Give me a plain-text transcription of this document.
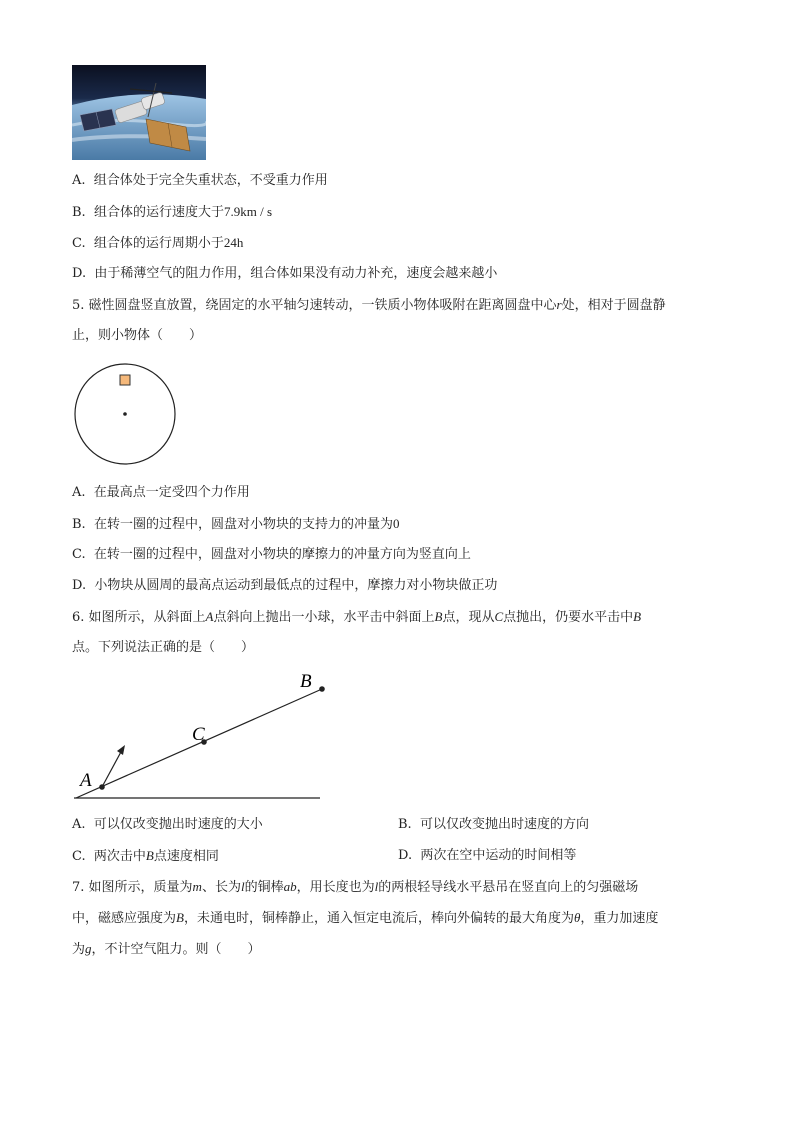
A. 组合体处于完全失重状态，不受重力作用
B. 组合体的运行速度大于7.9km / s
C. 组合体的运行周期小于24h
D. 由于稀薄空气的阻力作用，组合体如果没有动力补充，速度会越来越小
5. 磁性圆盘竖直放置，绕固定的水平轴匀速转动，一铁质小物体吸附在距离圆盘中心r处，相对于圆盘静
止，则小物体（　　）
A. 在最高点一定受四个力作用
B. 在转一圈的过程中，圆盘对小物块的支持力的冲量为0
C. 在转一圈的过程中，圆盘对小物块的摩擦力的冲量方向为竖直向上
D. 小物块从圆周的最高点运动到最低点的过程中，摩擦力对小物块做正功
6. 如图所示，从斜面上A点斜向上抛出一小球，水平击中斜面上B点，现从C点抛出，仍要水平击中B
点。下列说法正确的是（　　）
A
C
B
A. 可以仅改变抛出时速度的大小	B. 可以仅改变抛出时速度的方向
C. 两次击中B点速度相同	D. 两次在空中运动的时间相等
7. 如图所示，质量为m、长为l的铜棒ab，用长度也为l的两根轻导线水平悬吊在竖直向上的匀强磁场
中，磁感应强度为B，未通电时，铜棒静止，通入恒定电流后，棒向外偏转的最大角度为θ，重力加速度
为g，不计空气阻力。则（　　）
